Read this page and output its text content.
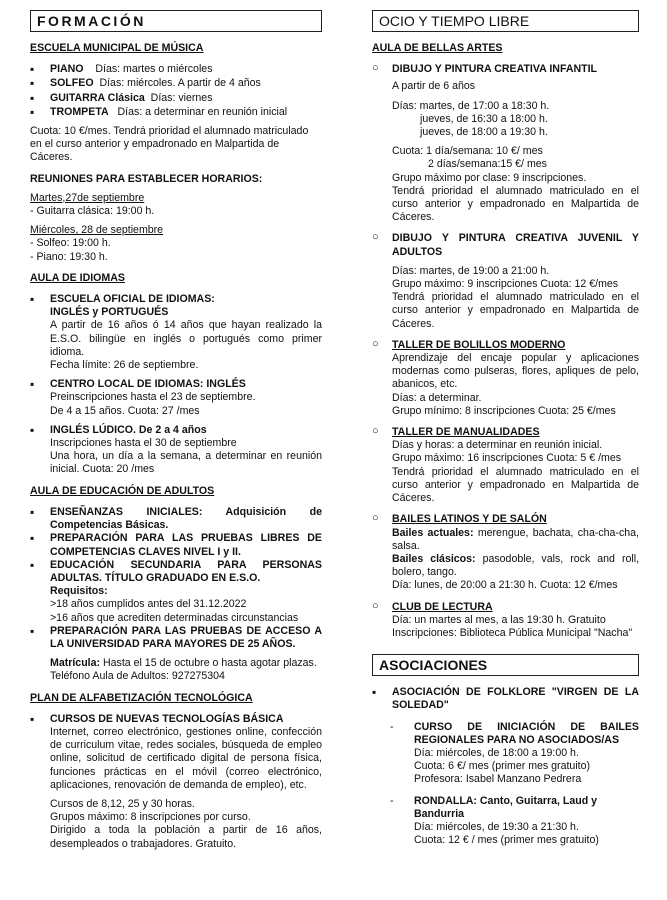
FORMACIÓN
ESCUELA MUNICIPAL DE MÚSICA
▪ PIANO Días: martes o miércoles
▪ SOLFEO Días: miércoles. A partir de 4 años
▪ GUITARRA Clásica Días: viernes
▪ TROMPETA Días: a determinar en reunión inicial
Cuota: 10 €/mes. Tendrá prioridad el alumnado matriculado en el curso anterior y empadronado en Malpartida de Cáceres.
REUNIONES PARA ESTABLECER HORARIOS:
Martes,27de septiembre
- Guitarra clásica: 19:00 h.
Miércoles, 28 de septiembre
- Solfeo: 19:00 h.
- Piano: 19:30 h.
AULA DE IDIOMAS
▪ ESCUELA OFICIAL DE IDIOMAS:
INGLÉS y PORTUGUÉS
A partir de 16 años ó 14 años que hayan realizado la E.S.O. bilingüe en inglés o portugués como primer idioma.
Fecha límite: 26 de septiembre.
▪ CENTRO LOCAL DE IDIOMAS: INGLÉS
Preinscripciones hasta el 23 de septiembre.
De 4 a 15 años. Cuota: 27 /mes
▪ INGLÉS LÚDICO. De 2 a 4 años
Inscripciones hasta el 30 de septiembre
Una hora, un día a la semana, a determinar en reunión inicial. Cuota: 20 /mes
AULA DE EDUCACIÓN DE ADULTOS
▪ ENSEÑANZAS INICIALES: Adquisición de Competencias Básicas.
▪ PREPARACIÓN PARA LAS PRUEBAS LIBRES DE COMPETENCIAS CLAVES NIVEL I y II.
▪ EDUCACIÓN SECUNDARIA PARA PERSONAS ADULTAS. TÍTULO GRADUADO EN E.S.O.
Requisitos:
>18 años cumplidos antes del 31.12.2022
>16 años que acrediten determinadas circunstancias
▪ PREPARACIÓN PARA LAS PRUEBAS DE ACCESO A LA UNIVERSIDAD PARA MAYORES DE 25 AÑOS.
Matrícula: Hasta el 15 de octubre o hasta agotar plazas.
Teléfono Aula de Adultos: 927275304
PLAN DE ALFABETIZACIÓN TECNOLÓGICA
▪ CURSOS DE NUEVAS TECNOLOGÍAS BÁSICA
Internet, correo electrónico, gestiones online, confección de curriculum vitae, redes sociales, búsqueda de empleo online, solicitud de certificado digital de persona física, funciones prácticas en el móvil (correo electrónico, aplicaciones, renovación de demanda de empleo), etc.
Cursos de 8,12, 25 y 30 horas.
Grupos máximo: 8 inscripciones por curso.
Dirigido a toda la población a partir de 16 años, desempleados o trabajadores. Gratuito.
OCIO Y TIEMPO LIBRE
AULA DE BELLAS ARTES
○ DIBUJO Y PINTURA CREATIVA INFANTIL
A partir de 6 años
Días: martes, de 17:00 a 18:30 h.
jueves, de 16:30 a 18:00 h.
jueves, de 18:00 a 19:30 h.
Cuota: 1 día/semana: 10 €/ mes
2 días/semana:15 €/ mes
Grupo máximo por clase: 9 inscripciones.
Tendrá prioridad el alumnado matriculado en el curso anterior y empadronado en Malpartida de Cáceres.
○ DIBUJO Y PINTURA CREATIVA JUVENIL Y ADULTOS
Días: martes, de 19:00 a 21:00 h.
Grupo máximo: 9 inscripciones Cuota: 12 €/mes
Tendrá prioridad el alumnado matriculado en el curso anterior y empadronado en Malpartida de Cáceres.
○ TALLER DE BOLILLOS MODERNO
Aprendizaje del encaje popular y aplicaciones modernas como pulseras, flores, apliques de pelo, abanicos, etc.
Días: a determinar.
Grupo mínimo: 8 inscripciones Cuota: 25 €/mes
○ TALLER DE MANUALIDADES
Días y horas: a determinar en reunión inicial.
Grupo máximo: 16 inscripciones Cuota: 5 € /mes
Tendrá prioridad el alumnado matriculado en el curso anterior y empadronado en Malpartida de Cáceres.
○ BAILES LATINOS Y DE SALÓN
Bailes actuales: merengue, bachata, cha-cha-cha, salsa.
Bailes clásicos: pasodoble, vals, rock and roll, bolero, tango.
Día: lunes, de 20:00 a 21:30 h. Cuota: 12 €/mes
○ CLUB DE LECTURA
Día: un martes al mes, a las 19:30 h. Gratuito
Inscripciones: Biblioteca Pública Municipal "Nacha"
ASOCIACIONES
▪ ASOCIACIÓN DE FOLKLORE "VIRGEN DE LA SOLEDAD"
- CURSO DE INICIACIÓN DE BAILES REGIONALES PARA NO ASOCIADOS/AS
Día: miércoles, de 18:00 a 19:00 h.
Cuota: 6 €/ mes (primer mes gratuito)
Profesora: Isabel Manzano Pedrera
- RONDALLA: Canto, Guitarra, Laud y Bandurria
Día: miércoles, de 19:30 a 21:30 h.
Cuota: 12 € / mes (primer mes gratuito)
